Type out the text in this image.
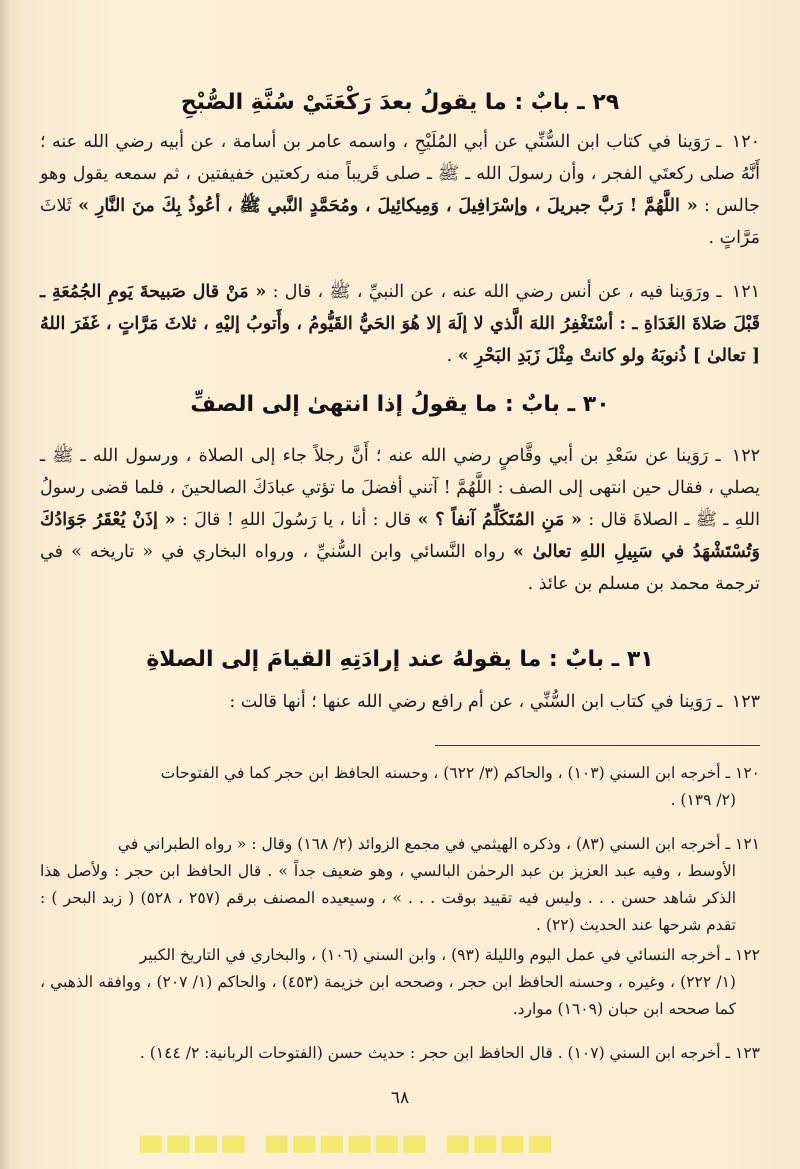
٢٩ ـ بابٌ : ما يقولُ بعدَ رَكْعَتَيْ سُنَّةِ الصُّبْحِ

١٢٠ ـ رَوَينا في كتاب ابن السُّنِّي عن أبي المُلَيْحِ ، واسمه عامر بن أسامة ، عن أبيه رضي الله عنه ؛ أَنَّهُ صلى ركعتَي الفجر ، وأن رسولَ الله ـ ﷺ ـ صلى قَريباً منه ركعتين خفيفتين ، ثم سمعه يقول وهو جالس : « اللَّهُمَّ ! رَبَّ جبريلَ ، وإسْرَافِيلَ ، وَمِيكائِيلَ ، ومُحَمَّدٍ النَّبي ﷺ ، أعُوذُ بِكَ منَ النَّارِ » ثَلاثَ مَرَّاتٍ .

١٢١ ـ ورَوَينا فيه ، عن أنس رضي الله عنه ، عن النبيِّ ، ﷺ ، قال : « مَنْ قال صَبيحةَ يَومِ الجُمُعَةِ ـ قَبْلَ صَلاةَ الغَدَاةِ ـ : أسْتَغْفِرُ اللهَ الَّذي لا إلَهَ إلا هُوَ الحَيُّ القَيُّومُ ، وأَتوبُ إليْهِ ، ثلاثَ مَرَّاتٍ ، غَفَرَ اللهُ [ تعالىٰ ] ذُنوبَهُ ولو كانتْ مِثْلَ زَبَدِ البَحْرِ » .

٣٠ ـ بابٌ : ما يقولُ إذا انتهىٰ إلى الصفِّ

١٢٢ ـ رَوَينا عن سَعْدِ بن أبي وقَّاصٍ رضي الله عنه ؛ أَنَّ رجلاً جاء إلى الصلاة ، ورسول الله ـ ﷺ ـ يصلي ، فقال حين انتهى إلى الصف : اللَّهُمَّ ! آتني أفضلَ ما تؤتي عبادَكَ الصالحينَ ، فلما قضى رسولُ اللهِ ـ ﷺ ـ الصلاةَ قال : « مَنِ المُتَكَلِّمُ آنفاً ؟ » قال : أنا ، يا رَسُولَ اللهِ ! قالَ : « إذَنْ يُعْقَرُ جَوَادُكَ وَتُسْتَشْهَدُ في سَبِيلِ اللهِ تعالىٰ » رواه النَّسائي وابن السُّنيِّ ، ورواه البخاري في « تاريخه » في ترجمة محمد بن مسلم بن عائذ .

٣١ ـ بابٌ : ما يقولهُ عند إرادَتِهِ القيامَ إلى الصلاةِ

١٢٣ ـ رَوَينا في كتاب ابن السُّنِّي ، عن أم رافع رضي الله عنها ؛ أنها قالت :

١٢٠ ـ أخرجه ابن السني (١٠٣) ، والحاكم (٣/ ٦٢٢) ، وحسنه الحافظ ابن حجر كما في الفتوحات
(٢/ ١٣٩) .

١٢١ ـ أخرجه ابن السني (٨٣) ، وذكره الهيثمي في مجمع الزوائد (٢/ ١٦٨) وقال : « رواه الطبراني في
الأوسط ، وفيه عبد العزيز بن عبد الرحمٰن البالسي ، وهو ضعيف جداً » . قال الحافظ ابن حجر : ولأصل هذا الذكر شاهد حسن . . . وليس فيه تقييد بوقت . . . » ، وسيعيده المصنف برقم (٢٥٧ ، ٥٢٨) ( زبد البحر ) : تقدم شرحها عند الحديث (٢٢) .

١٢٢ ـ أخرجه النسائي في عمل اليوم والليلة (٩٣) ، وابن السني (١٠٦) ، والبخاري في التاريخ الكبير
(١/ ٢٢٢) ، وغيره ، وحسنه الحافظ ابن حجر ، وصححه ابن خزيمة (٤٥٣) ، والحاكم (١/ ٢٠٧) ، ووافقه الذهبي ، كما صححه ابن حبان (١٦٠٩) موارد.

١٢٣ ـ أخرجه ابن السني (١٠٧) . قال الحافظ ابن حجر : حديث حسن (الفتوحات الربانية: ٢/ ١٤٤) .

٦٨
▀▀▀▀ ▀▀▀▀▀▀ ▀▀▀▀
